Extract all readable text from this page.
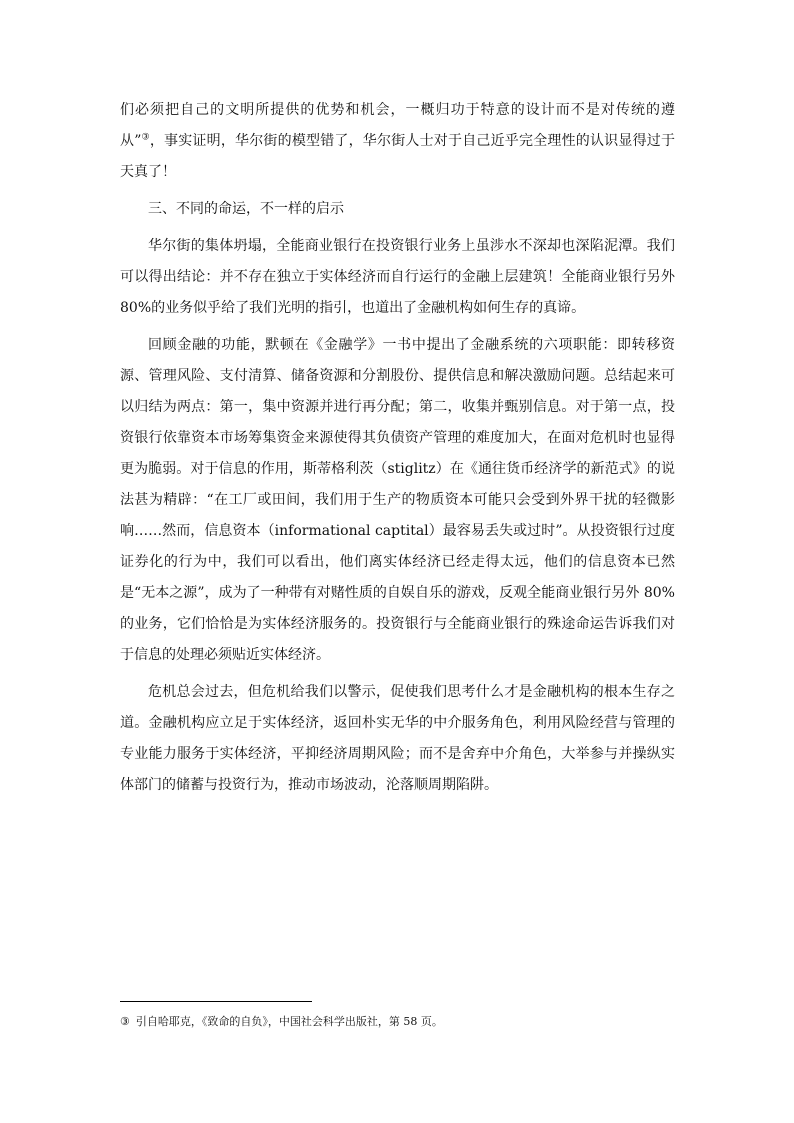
们必须把自己的文明所提供的优势和机会，一概归功于特意的设计而不是对传统的遵从”③，事实证明，华尔街的模型错了，华尔街人士对于自己近乎完全理性的认识显得过于天真了！

三、不同的命运，不一样的启示

华尔街的集体坍塌，全能商业银行在投资银行业务上虽涉水不深却也深陷泥潭。我们可以得出结论：并不存在独立于实体经济而自行运行的金融上层建筑！全能商业银行另外 80%的业务似乎给了我们光明的指引，也道出了金融机构如何生存的真谛。

回顾金融的功能，默顿在《金融学》一书中提出了金融系统的六项职能：即转移资源、管理风险、支付清算、储备资源和分割股份、提供信息和解决激励问题。总结起来可以归结为两点：第一，集中资源并进行再分配；第二，收集并甄别信息。对于第一点，投资银行依靠资本市场筹集资金来源使得其负债资产管理的难度加大，在面对危机时也显得更为脆弱。对于信息的作用，斯蒂格利茨（stiglitz）在《通往货币经济学的新范式》的说法甚为精辟：“在工厂或田间，我们用于生产的物质资本可能只会受到外界干扰的轻微影响……然而，信息资本（informational captital）最容易丢失或过时”。从投资银行过度证券化的行为中，我们可以看出，他们离实体经济已经走得太远，他们的信息资本已然是“无本之源”，成为了一种带有对赌性质的自娱自乐的游戏，反观全能商业银行另外 80%的业务，它们恰恰是为实体经济服务的。投资银行与全能商业银行的殊途命运告诉我们对于信息的处理必须贴近实体经济。

危机总会过去，但危机给我们以警示，促使我们思考什么才是金融机构的根本生存之道。金融机构应立足于实体经济，返回朴实无华的中介服务角色，利用风险经营与管理的专业能力服务于实体经济，平抑经济周期风险；而不是舍弃中介角色，大举参与并操纵实体部门的储蓄与投资行为，推动市场波动，沦落顺周期陷阱。

③ 引自哈耶克，《致命的自负》，中国社会科学出版社，第 58 页。
